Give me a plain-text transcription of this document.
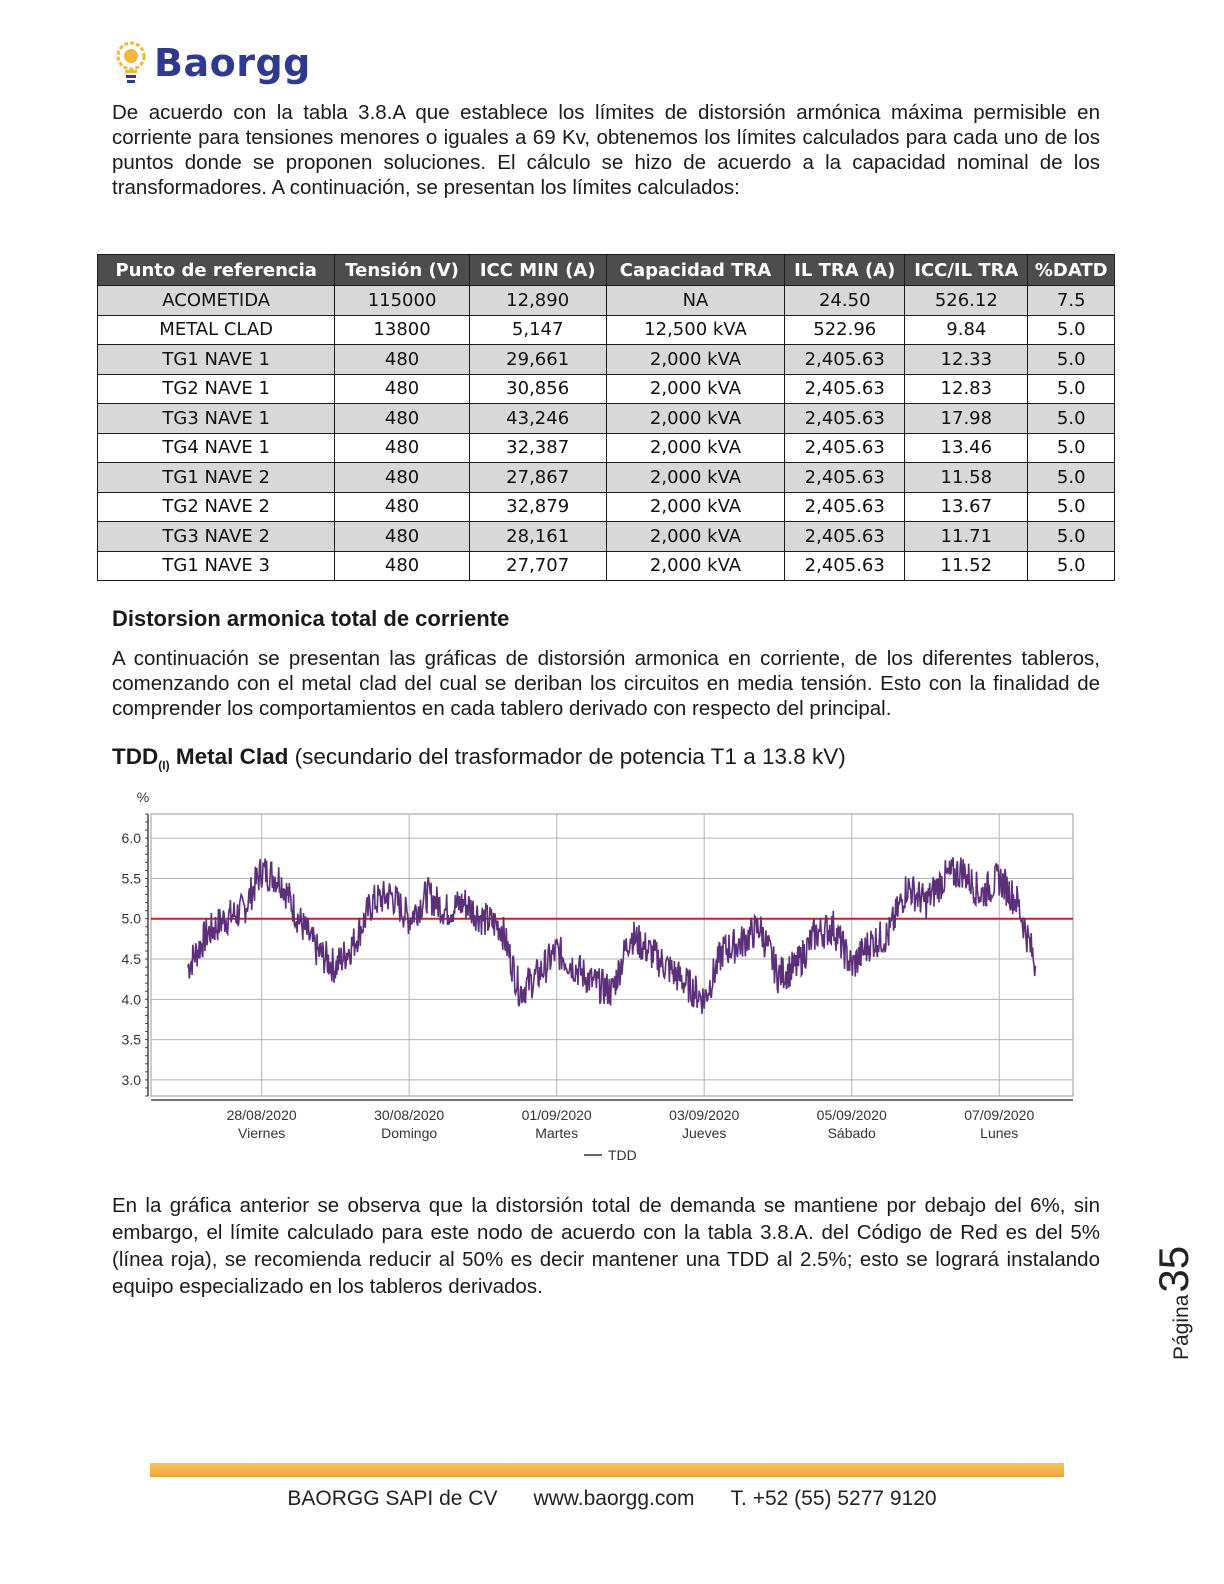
Baorgg

De acuerdo con la tabla 3.8.A que establece los límites de distorsión armónica máxima permisible en corriente para tensiones menores o iguales a 69 Kv, obtenemos los límites calculados para cada uno de los puntos donde se proponen soluciones. El cálculo se hizo de acuerdo a la capacidad nominal de los transformadores. A continuación, se presentan los límites calculados:

Punto de referencia	Tensión (V)	ICC MIN (A)	Capacidad TRA	IL TRA (A)	ICC/IL TRA	%DATD
ACOMETIDA	115000	12,890	NA	24.50	526.12	7.5
METAL CLAD	13800	5,147	12,500 kVA	522.96	9.84	5.0
TG1 NAVE 1	480	29,661	2,000 kVA	2,405.63	12.33	5.0
TG2 NAVE 1	480	30,856	2,000 kVA	2,405.63	12.83	5.0
TG3 NAVE 1	480	43,246	2,000 kVA	2,405.63	17.98	5.0
TG4 NAVE 1	480	32,387	2,000 kVA	2,405.63	13.46	5.0
TG1 NAVE 2	480	27,867	2,000 kVA	2,405.63	11.58	5.0
TG2 NAVE 2	480	32,879	2,000 kVA	2,405.63	13.67	5.0
TG3 NAVE 2	480	28,161	2,000 kVA	2,405.63	11.71	5.0
TG1 NAVE 3	480	27,707	2,000 kVA	2,405.63	11.52	5.0
Distorsion armonica total de corriente

A continuación se presentan las gráficas de distorsión armonica en corriente, de los diferentes tableros, comenzando con el metal clad del cual se deriban los circuitos en media tensión. Esto con la finalidad de comprender los comportamientos en cada tablero derivado con respecto del principal.

$TDD_{(I)}$ Metal Clad (secundario del trasformador de potencia T1 a 13.8 kV)
6.0
5.5
5.0
4.5
4.0
3.5
3.0
%
28/08/2020
Viernes
30/08/2020
Domingo
01/09/2020
Martes
03/09/2020
Jueves
05/09/2020
Sábado
07/09/2020
Lunes
TDD

En la gráfica anterior se observa que la distorsión total de demanda se mantiene por debajo del 6%, sin embargo, el límite calculado para este nodo de acuerdo con la tabla 3.8.A. del Código de Red es del 5% (línea roja), se recomienda reducir al 50% es decir mantener una TDD al 2.5%; esto se logrará instalando equipo especializado en los tableros derivados.

Página
35
BAORGG SAPI de CV www.baorgg.com T. +52 (55) 5277 9120
